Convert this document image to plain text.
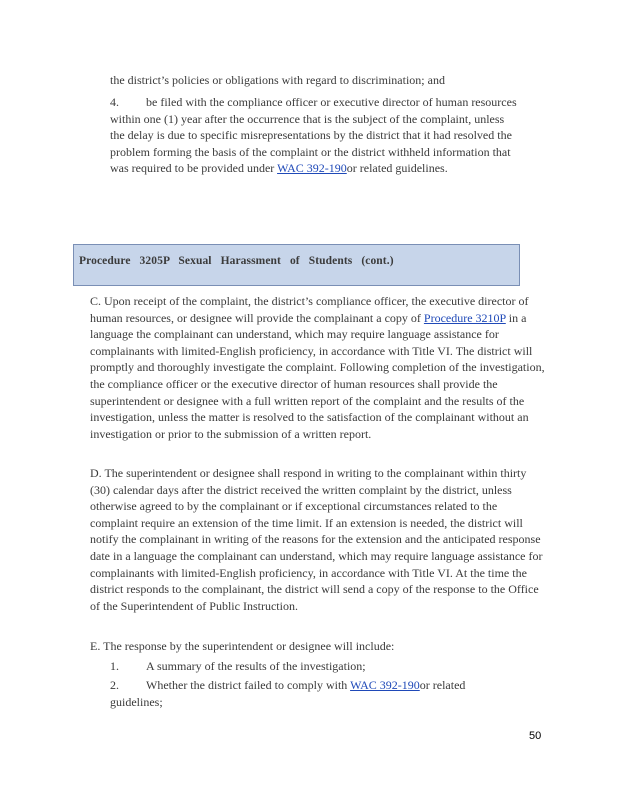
the district’s policies or obligations with regard to discrimination; and

4. be filed with the compliance officer or executive director of human resources within one (1) year after the occurrence that is the subject of the complaint, unless the delay is due to specific misrepresentations by the district that it had resolved the problem forming the basis of the complaint or the district withheld information that was required to be provided under WAC 392-190or related guidelines.

Procedure 3205P Sexual Harassment of Students (cont.)

C. Upon receipt of the complaint, the district’s compliance officer, the executive director of human resources, or designee will provide the complainant a copy of Procedure 3210P in a language the complainant can understand, which may require language assistance for complainants with limited-English proficiency, in accordance with Title VI. The district will promptly and thoroughly investigate the complaint. Following completion of the investigation, the compliance officer or the executive director of human resources shall provide the superintendent or designee with a full written report of the complaint and the results of the investigation, unless the matter is resolved to the satisfaction of the complainant without an investigation or prior to the submission of a written report.

D. The superintendent or designee shall respond in writing to the complainant within thirty (30) calendar days after the district received the written complaint by the district, unless otherwise agreed to by the complainant or if exceptional circumstances related to the complaint require an extension of the time limit. If an extension is needed, the district will notify the complainant in writing of the reasons for the extension and the anticipated response date in a language the complainant can understand, which may require language assistance for complainants with limited-English proficiency, in accordance with Title VI. At the time the district responds to the complainant, the district will send a copy of the response to the Office of the Superintendent of Public Instruction.

E. The response by the superintendent or designee will include:

1. A summary of the results of the investigation;

2. Whether the district failed to comply with WAC 392-190or related guidelines;

50
